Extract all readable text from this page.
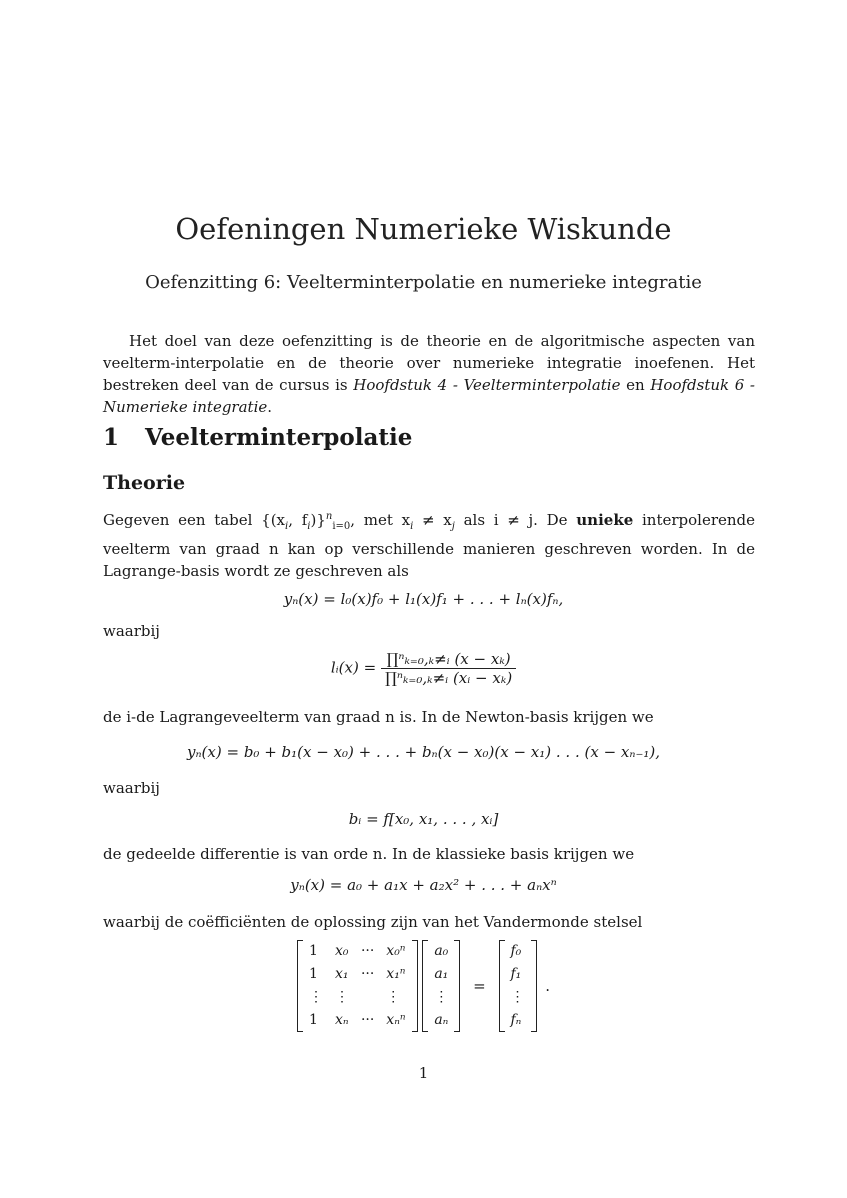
Oefeningen Numerieke Wiskunde
Oefenzitting 6: Veelterminterpolatie en numerieke integratie
Het doel van deze oefenzitting is de theorie en de algoritmische aspecten van veelterm-interpolatie en de theorie over numerieke integratie inoefenen. Het bestreken deel van de cursus is Hoofdstuk 4 - Veelterminterpolatie en Hoofdstuk 6 - Numerieke integratie.
1 Veelterminterpolatie
Theorie
Gegeven een tabel {($x_i$, $f_i)\}^n_{i=0}$, met $x_i \ne x_j$ als i ≠ j. De unieke interpolerende veelterm van graad n kan op verschillende manieren geschreven worden. In de Lagrange-basis wordt ze geschreven als
yₙ(x) = l₀(x)f₀ + l₁(x)f₁ + . . . + lₙ(x)fₙ,
waarbij
lᵢ(x) = $\frac{\text{∏ⁿₖ₌₀,ₖ≠ᵢ (x − xₖ)}}{\text{∏ⁿₖ₌₀,ₖ≠ᵢ (xᵢ − xₖ)}}$
de i-de Lagrangeveelterm van graad n is. In de Newton-basis krijgen we
yₙ(x) = b₀ + b₁(x − x₀) + . . . + bₙ(x − x₀)(x − x₁) . . . (x − xₙ₋₁),
waarbij
bᵢ = f[x₀, x₁, . . . , xᵢ]
de gedeelde differentie is van orde n. In de klassieke basis krijgen we
yₙ(x) = a₀ + a₁x + a₂x² + . . . + aₙxⁿ
waarbij de coëfficiënten de oplossing zijn van het Vandermonde stelsel
1	x₀	···	x₀ⁿ
1	x₁	···	x₁ⁿ
⋮	⋮		⋮
1	xₙ	···	xₙⁿ

a₀
a₁
⋮
aₙ
=
f₀
f₁
⋮
fₙ
.
1
